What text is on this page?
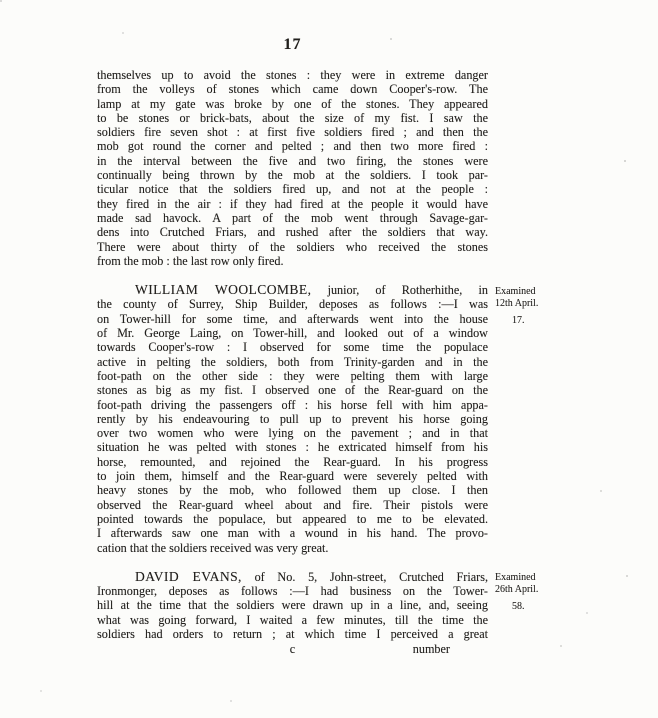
17
themselves up to avoid the stones : they were in extreme danger
from the volleys of stones which came down Cooper's-row. The
lamp at my gate was broke by one of the stones. They appeared
to be stones or brick-bats, about the size of my fist. I saw the
soldiers fire seven shot : at first five soldiers fired ; and then the
mob got round the corner and pelted ; and then two more fired :
in the interval between the five and two firing, the stones were
continually being thrown by the mob at the soldiers. I took par-
ticular notice that the soldiers fired up, and not at the people :
they fired in the air : if they had fired at the people it would have
made sad havock. A part of the mob went through Savage-gar-
dens into Crutched Friars, and rushed after the soldiers that way.
There were about thirty of the soldiers who received the stones
from the mob : the last row only fired.
WILLIAM WOOLCOMBE, junior, of Rotherhithe, in
the county of Surrey, Ship Builder, deposes as follows :—I was
on Tower-hill for some time, and afterwards went into the house
of Mr. George Laing, on Tower-hill, and looked out of a window
towards Cooper's-row : I observed for some time the populace
active in pelting the soldiers, both from Trinity-garden and in the
foot-path on the other side : they were pelting them with large
stones as big as my fist. I observed one of the Rear-guard on the
foot-path driving the passengers off : his horse fell with him appa-
rently by his endeavouring to pull up to prevent his horse going
over two women who were lying on the pavement ; and in that
situation he was pelted with stones : he extricated himself from his
horse, remounted, and rejoined the Rear-guard. In his progress
to join them, himself and the Rear-guard were severely pelted with
heavy stones by the mob, who followed them up close. I then
observed the Rear-guard wheel about and fire. Their pistols were
pointed towards the populace, but appeared to me to be elevated.
I afterwards saw one man with a wound in his hand. The provo-
cation that the soldiers received was very great.
DAVID EVANS, of No. 5, John-street, Crutched Friars,
Ironmonger, deposes as follows :—I had business on the Tower-
hill at the time that the soldiers were drawn up in a line, and, seeing
what was going forward, I waited a few minutes, till the time the
soldiers had orders to return ; at which time I perceived a great
c	number
Examined
12th April.
17.
Examined
26th April.
58.
